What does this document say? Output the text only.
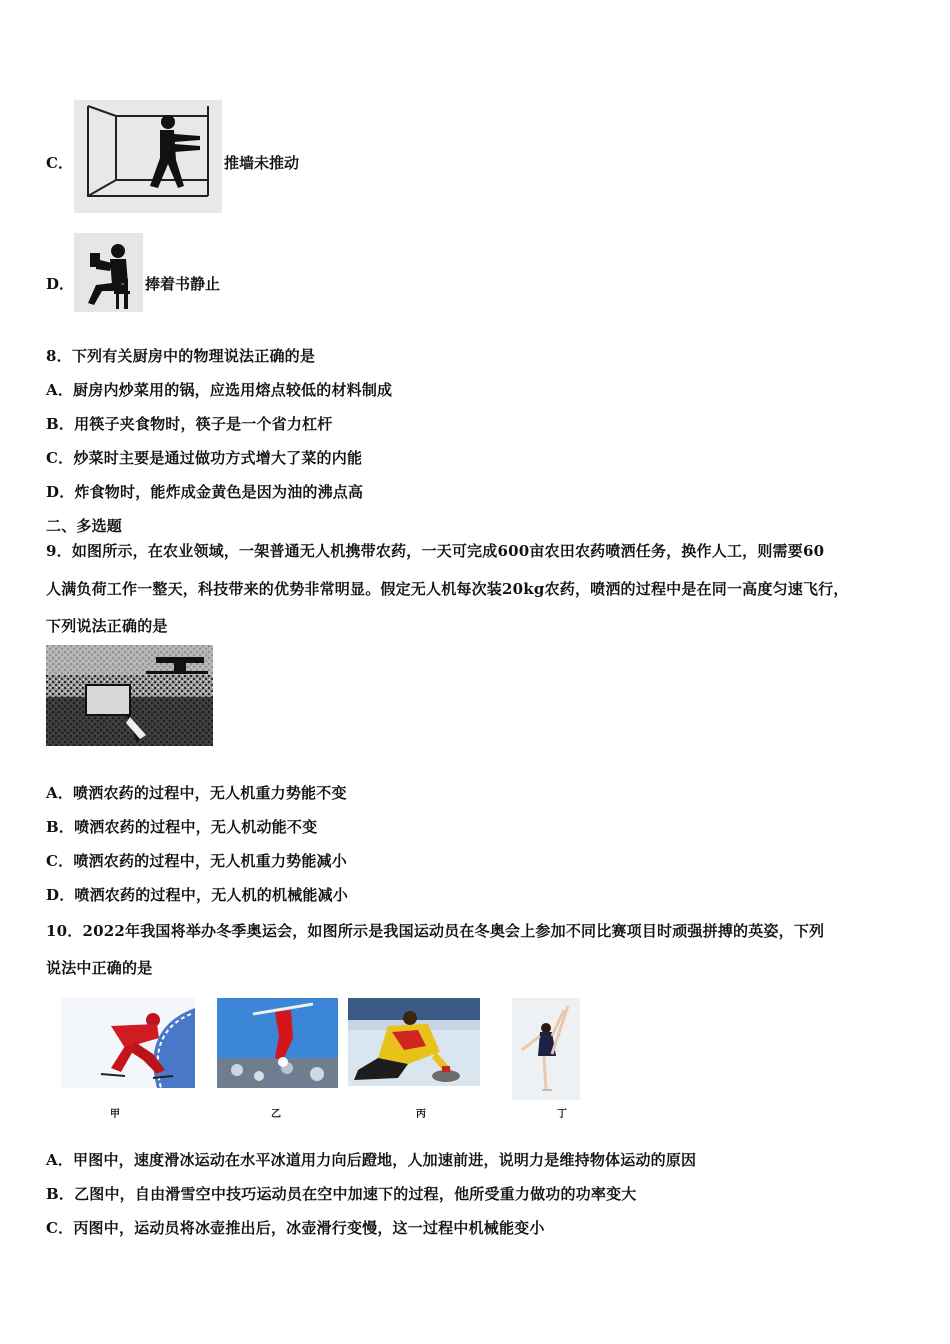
C．	推墙未推动
D．	捧着书静止
8．下列有关厨房中的物理说法正确的是
A．厨房内炒菜用的锅，应选用熔点较低的材料制成
B．用筷子夹食物时，筷子是一个省力杠杆
C．炒菜时主要是通过做功方式增大了菜的内能
D．炸食物时，能炸成金黄色是因为油的沸点高
二、多选题
9．如图所示，在农业领域，一架普通无人机携带农药，一天可完成600亩农田农药喷洒任务，换作人工，则需要60
人满负荷工作一整天，科技带来的优势非常明显。假定无人机每次装20kg农药，喷洒的过程中是在同一高度匀速飞行，
下列说法正确的是
A．喷洒农药的过程中，无人机重力势能不变
B．喷洒农药的过程中，无人机动能不变
C．喷洒农药的过程中，无人机重力势能减小
D．喷洒农药的过程中，无人机的机械能减小
10．2022年我国将举办冬季奥运会，如图所示是我国运动员在冬奥会上参加不同比赛项目时顽强拼搏的英姿，下列
说法中正确的是
甲	乙	丙	丁
A．甲图中，速度滑冰运动在水平冰道用力向后蹬地，人加速前进，说明力是维持物体运动的原因
B．乙图中，自由滑雪空中技巧运动员在空中加速下的过程，他所受重力做功的功率变大
C．丙图中，运动员将冰壶推出后，冰壶滑行变慢，这一过程中机械能变小
